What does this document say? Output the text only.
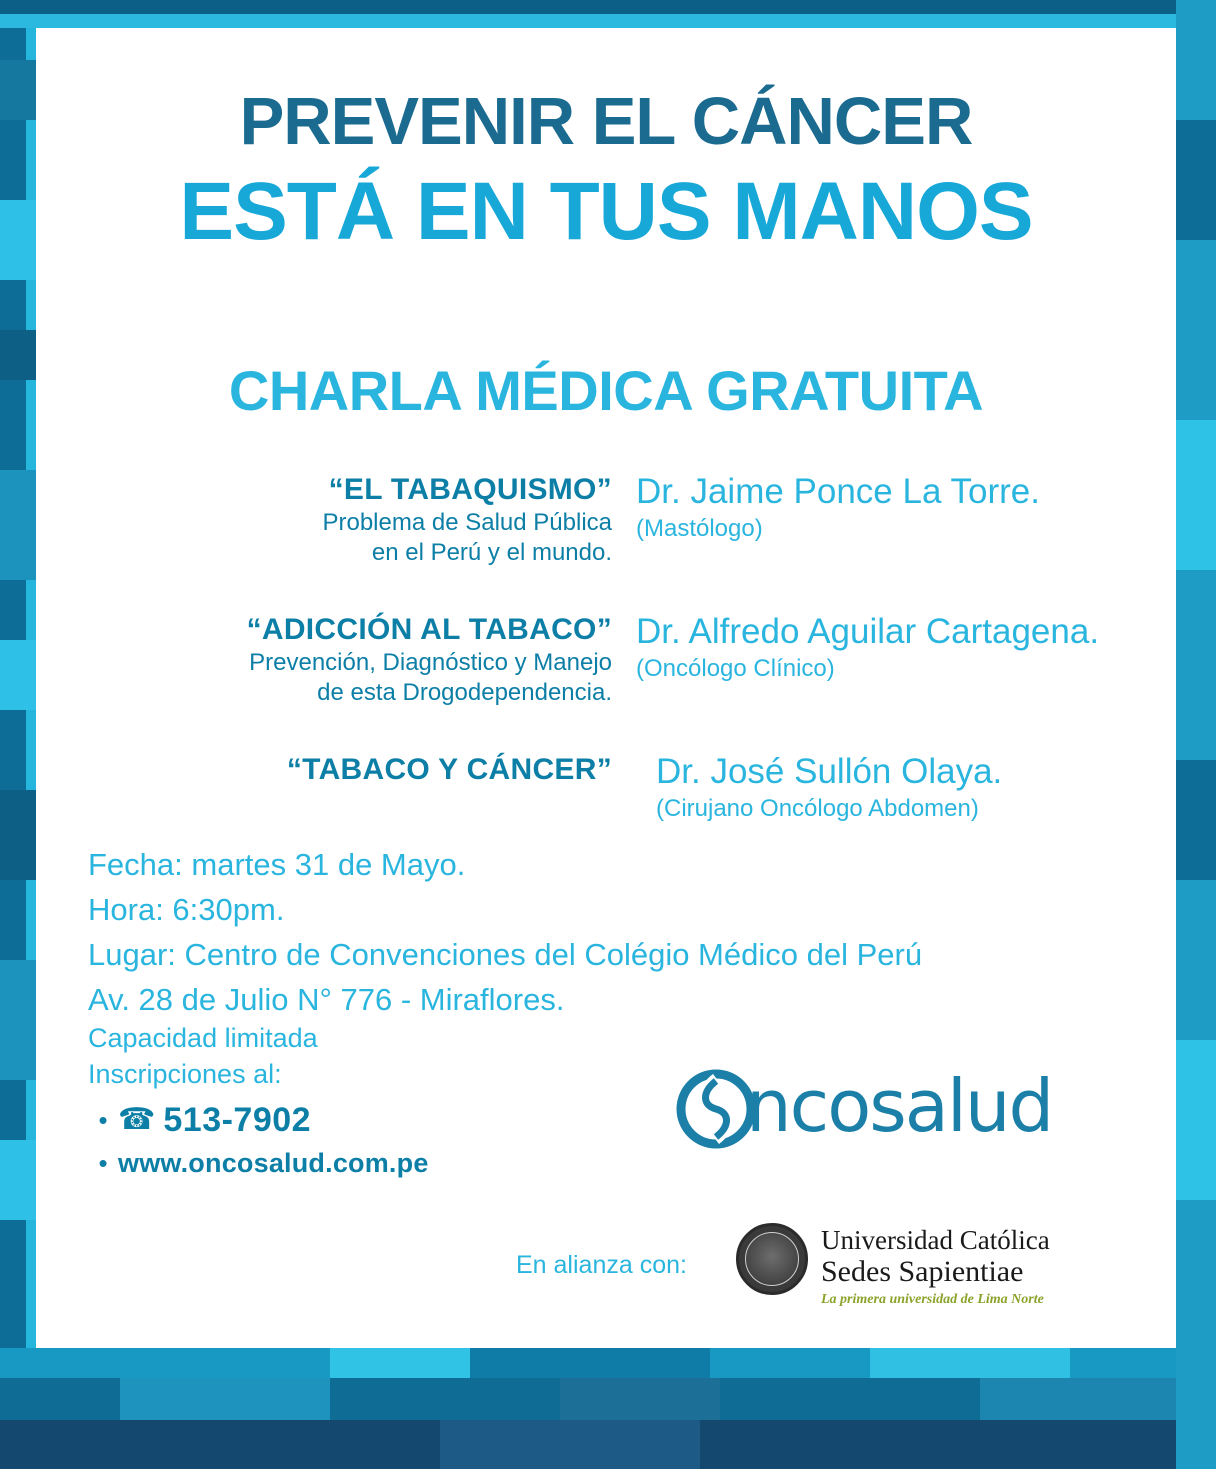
PREVENIR EL CÁNCER
ESTÁ EN TUS MANOS
CHARLA MÉDICA GRATUITA
“EL TABAQUISMO”
Problema de Salud Pública
en el Perú y el mundo.
Dr. Jaime Ponce La Torre.
(Mastólogo)
“ADICCIÓN AL TABACO”
Prevención, Diagnóstico y Manejo
de esta Drogodependencia.
Dr. Alfredo Aguilar Cartagena.
(Oncólogo Clínico)
“TABACO Y CÁNCER” Dr. José Sullón Olaya.
(Cirujano Oncólogo Abdomen)
Fecha: martes 31 de Mayo.
Hora: 6:30pm.
Lugar: Centro de Convenciones del Colégio Médico del Perú
Av. 28 de Julio N° 776 - Miraflores.
Capacidad limitada
Inscripciones al:
• ☎ 513-7902
• www.oncosalud.com.pe
ncosalud
En alianza con:
Universidad Católica
Sedes Sapientiae
La primera universidad de Lima Norte
